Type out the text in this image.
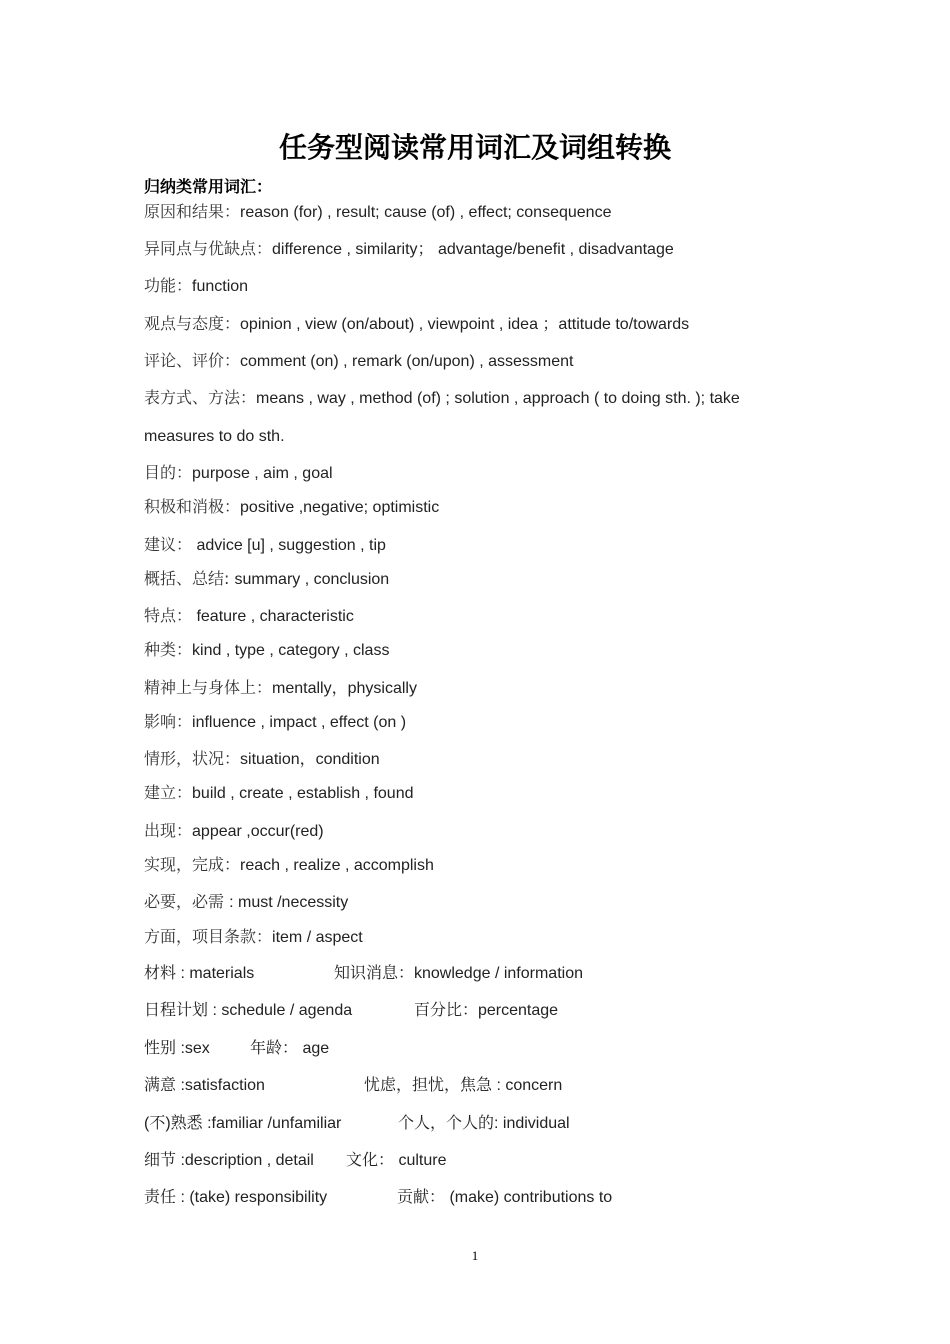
任务型阅读常用词汇及词组转换
归纳类常用词汇：
原因和结果：reason (for) , result; cause (of) , effect; consequence
异同点与优缺点：difference , similarity； advantage/benefit , disadvantage
功能：function
观点与态度：opinion , view (on/about) , viewpoint , idea ；attitude to/towards
评论、评价：comment (on) , remark (on/upon) , assessment
表方式、方法：means , way , method (of) ; solution , approach ( to doing sth. ); take
measures to do sth.
目的：purpose , aim , goal
积极和消极：positive ,negative; optimistic
建议： advice [u] , suggestion , tip
概括、总结: summary , conclusion
特点： feature , characteristic
种类：kind , type , category , class
精神上与身体上：mentally，physically
影响：influence , impact , effect (on )
情形，状况：situation，condition
建立：build , create , establish , found
出现：appear ,occur(red)
实现，完成：reach , realize , accomplish
必要，必需 : must /necessity
方面，项目条款：item / aspect
材料 : materials	知识消息：knowledge / information
日程计划 : schedule / agenda	百分比：percentage
性别 :sex	年龄： age
满意 :satisfaction	忧虑，担忧，焦急 : concern
(不)熟悉 :familiar /unfamiliar	个人，个人的: individual
细节 :description , detail 文化： culture
责任 : (take) responsibility	贡献： (make) contributions to
1
